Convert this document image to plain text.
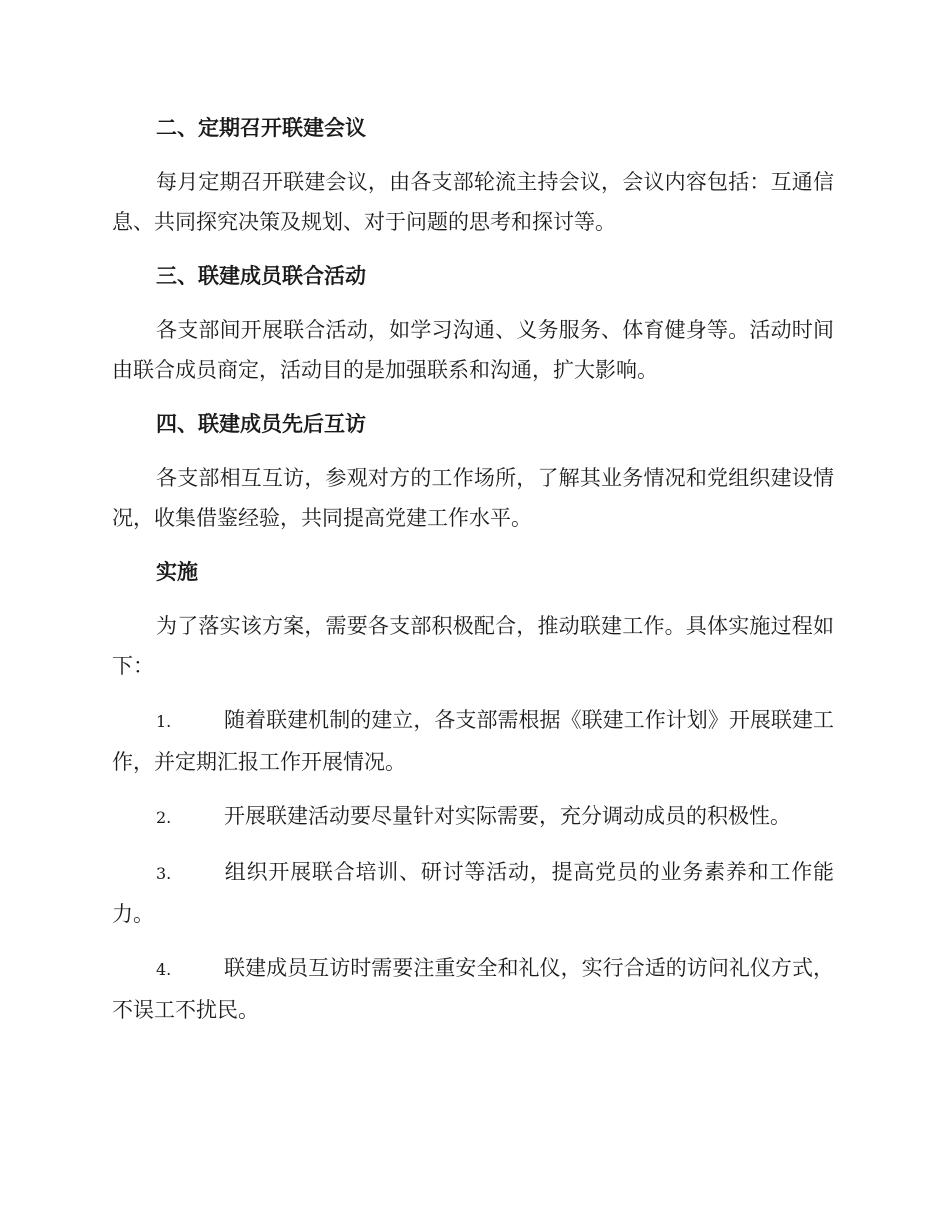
二、定期召开联建会议
每月定期召开联建会议，由各支部轮流主持会议，会议内容包括：互通信息、共同探究决策及规划、对于问题的思考和探讨等。
三、联建成员联合活动
各支部间开展联合活动，如学习沟通、义务服务、体育健身等。活动时间由联合成员商定，活动目的是加强联系和沟通，扩大影响。
四、联建成员先后互访
各支部相互互访，参观对方的工作场所，了解其业务情况和党组织建设情况，收集借鉴经验，共同提高党建工作水平。
实施
为了落实该方案，需要各支部积极配合，推动联建工作。具体实施过程如下：
1.	随着联建机制的建立，各支部需根据《联建工作计划》开展联建工作，并定期汇报工作开展情况。
2.	开展联建活动要尽量针对实际需要，充分调动成员的积极性。
3.	组织开展联合培训、研讨等活动，提高党员的业务素养和工作能力。
4.	联建成员互访时需要注重安全和礼仪，实行合适的访问礼仪方式，不误工不扰民。
